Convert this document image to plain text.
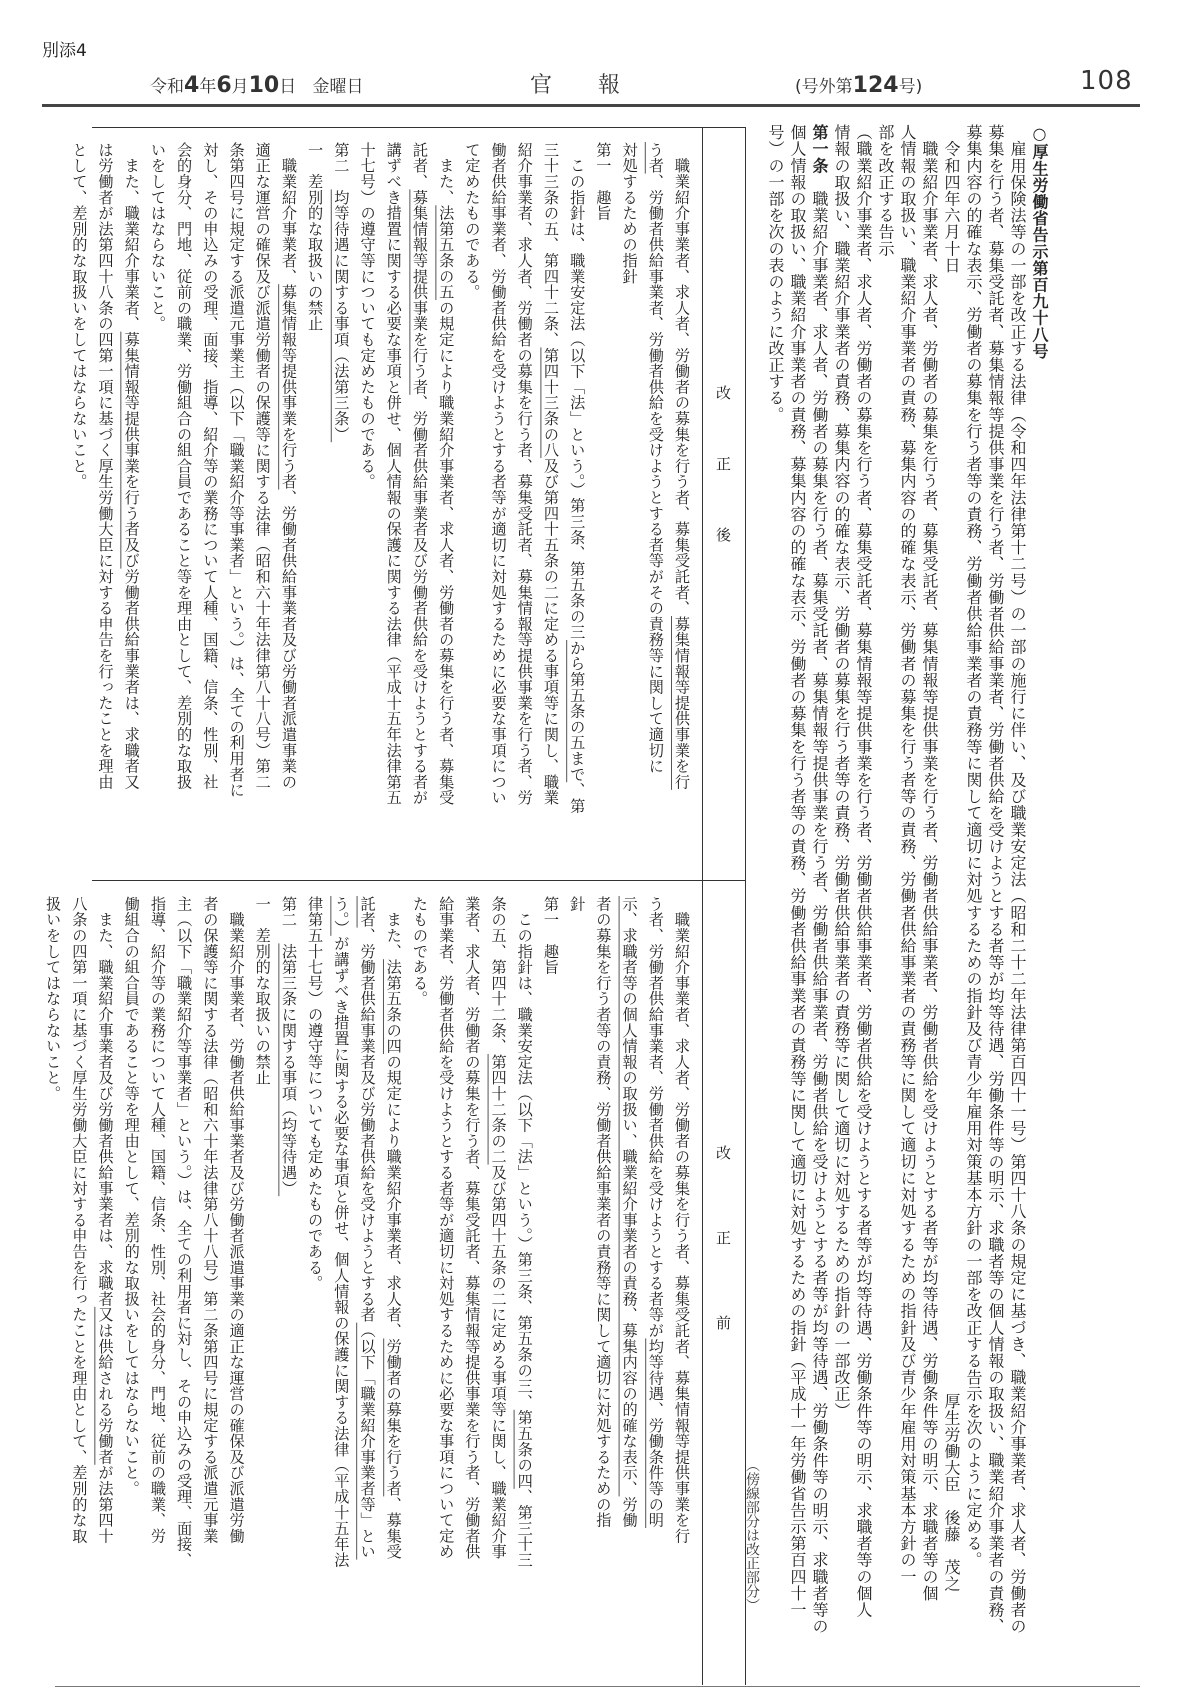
別添4
令和4年6月10日 金曜日	官報	(号外第124号)	108
○厚生労働省告示第百九十八号
　雇用保険法等の一部を改正する法律（令和四年法律第十二号）の一部の施行に伴い、及び職業安定法（昭和二十二年法律第百四十一号）第四十八条の規定に基づき、職業紹介事業者、求人者、労働者の
募集を行う者、募集受託者、募集情報等提供事業を行う者、労働者供給事業者、労働者供給を受けようとする者等が均等待遇、労働条件等の明示、求職者等の個人情報の取扱い、職業紹介事業者の責務、
募集内容の的確な表示、労働者の募集を行う者等の責務、労働者供給事業者の責務等に関して適切に対処するための指針及び青少年雇用対策基本方針の一部を改正する告示を次のように定める。
　令和四年六月十日厚生労働大臣　後藤　茂之
　職業紹介事業者、求人者、労働者の募集を行う者、募集受託者、募集情報等提供事業を行う者、労働者供給事業者、労働者供給を受けようとする者等が均等待遇、労働条件等の明示、求職者等の個
人情報の取扱い、職業紹介事業者の責務、募集内容の的確な表示、労働者の募集を行う者等の責務、労働者供給事業者の責務等に関して適切に対処するための指針及び青少年雇用対策基本方針の一
部を改正する告示
（職業紹介事業者、求人者、労働者の募集を行う者、募集受託者、募集情報等提供事業を行う者、労働者供給事業者、労働者供給を受けようとする者等が均等待遇、労働条件等の明示、求職者等の個人
情報の取扱い、職業紹介事業者の責務、募集内容の的確な表示、労働者の募集を行う者等の責務、労働者供給事業者の責務等に関して適切に対処するための指針の一部改正）
第一条　職業紹介事業者、求人者、労働者の募集を行う者、募集受託者、募集情報等提供事業を行う者、労働者供給事業者、労働者供給を受けようとする者等が均等待遇、労働条件等の明示、求職者等の
個人情報の取扱い、職業紹介事業者の責務、募集内容の的確な表示、労働者の募集を行う者等の責務、労働者供給事業者の責務等に関して適切に対処するための指針（平成十一年労働省告示第百四十一
号）の一部を次の表のように改正する。
改
正
後
改
正
前
　職業紹介事業者、求人者、労働者の募集を行う者、募集受託者、募集情報等提供事業を行
う者、労働者供給事業者、労働者供給を受けようとする者等がその責務等に関して適切に
対処するための指針
第一　趣旨
　この指針は、職業安定法（以下「法」という。）第三条、第五条の三から第五条の五まで、第
三十三条の五、第四十二条、第四十三条の八及び第四十五条の二に定める事項等に関し、職業
紹介事業者、求人者、労働者の募集を行う者、募集受託者、募集情報等提供事業を行う者、労
働者供給事業者、労働者供給を受けようとする者等が適切に対処するために必要な事項につい
て定めたものである。
　また、法第五条の五の規定により職業紹介事業者、求人者、労働者の募集を行う者、募集受
託者、募集情報等提供事業を行う者、労働者供給事業者及び労働者供給を受けようとする者が
講ずべき措置に関する必要な事項と併せ、個人情報の保護に関する法律（平成十五年法律第五
十七号）の遵守等についても定めたものである。
第二　均等待遇に関する事項（法第三条）
一　差別的な取扱いの禁止
　職業紹介事業者、募集情報等提供事業を行う者、労働者供給事業者及び労働者派遣事業の
適正な運営の確保及び派遣労働者の保護等に関する法律（昭和六十年法律第八十八号）第二
条第四号に規定する派遣元事業主（以下「職業紹介等事業者」という。）は、全ての利用者に
対し、その申込みの受理、面接、指導、紹介等の業務について人種、国籍、信条、性別、社
会的身分、門地、従前の職業、労働組合の組合員であること等を理由として、差別的な取扱
いをしてはならないこと。
　また、職業紹介事業者、募集情報等提供事業を行う者及び労働者供給事業者は、求職者又
は労働者が法第四十八条の四第一項に基づく厚生労働大臣に対する申告を行ったことを理由
として、差別的な取扱いをしてはならないこと。
　職業紹介事業者、求人者、労働者の募集を行う者、募集受託者、募集情報等提供事業を行
う者、労働者供給事業者、労働者供給を受けようとする者等が均等待遇、労働条件等の明
示、求職者等の個人情報の取扱い、職業紹介事業者の責務、募集内容の的確な表示、労働
者の募集を行う者等の責務、労働者供給事業者の責務等に関して適切に対処するための指
針
第一　趣旨
　この指針は、職業安定法（以下「法」という。）第三条、第五条の三、第五条の四、第三十三
条の五、第四十二条、第四十二条の二及び第四十五条の二に定める事項等に関し、職業紹介事
業者、求人者、労働者の募集を行う者、募集受託者、募集情報等提供事業を行う者、労働者供
給事業者、労働者供給を受けようとする者等が適切に対処するために必要な事項について定め
たものである。
　また、法第五条の四の規定により職業紹介事業者、求人者、労働者の募集を行う者、募集受
託者、労働者供給事業者及び労働者供給を受けようとする者（以下「職業紹介事業者等」とい
う。）が講ずべき措置に関する必要な事項と併せ、個人情報の保護に関する法律（平成十五年法
律第五十七号）の遵守等についても定めたものである。
第二　法第三条に関する事項（均等待遇）
一　差別的な取扱いの禁止
　職業紹介事業者、労働者供給事業者及び労働者派遣事業の適正な運営の確保及び派遣労働
者の保護等に関する法律（昭和六十年法律第八十八号）第二条第四号に規定する派遣元事業
主（以下「職業紹介等事業者」という。）は、全ての利用者に対し、その申込みの受理、面接、
指導、紹介等の業務について人種、国籍、信条、性別、社会的身分、門地、従前の職業、労
働組合の組合員であること等を理由として、差別的な取扱いをしてはならないこと。
　また、職業紹介事業者及び労働者供給事業者は、求職者又は供給される労働者が法第四十
八条の四第一項に基づく厚生労働大臣に対する申告を行ったことを理由として、差別的な取
扱いをしてはならないこと。
（傍線部分は改正部分）
